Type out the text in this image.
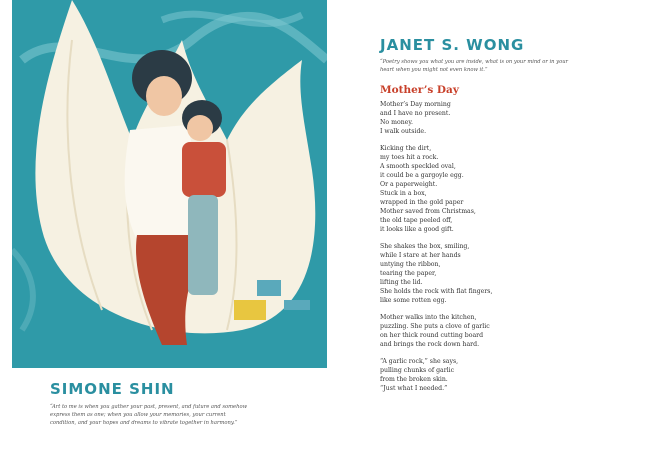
SIMONE SHIN

“Art to me is when you gather your past, present, and future and somehow
express them as one; when you allow your memories, your current
condition, and your hopes and dreams to vibrate together in harmony.”

JANET S. WONG

“Poetry shows you what you are inside, what is on your mind or in your
heart when you might not even know it.”

Mother’s Day
Mother’s Day morning
and I have no present.
No money.
I walk outside.
Kicking the dirt,
my toes hit a rock.
A smooth speckled oval,
it could be a gargoyle egg.
Or a paperweight.
Stuck in a box,
wrapped in the gold paper
Mother saved from Christmas,
the old tape peeled off,
it looks like a good gift.
She shakes the box, smiling,
while I stare at her hands
untying the ribbon,
tearing the paper,
lifting the lid.
She holds the rock with flat fingers,
like some rotten egg.
Mother walks into the kitchen,
puzzling. She puts a clove of garlic
on her thick round cutting board
and brings the rock down hard.
“A garlic rock,” she says,
pulling chunks of garlic
from the broken skin.
“Just what I needed.”
